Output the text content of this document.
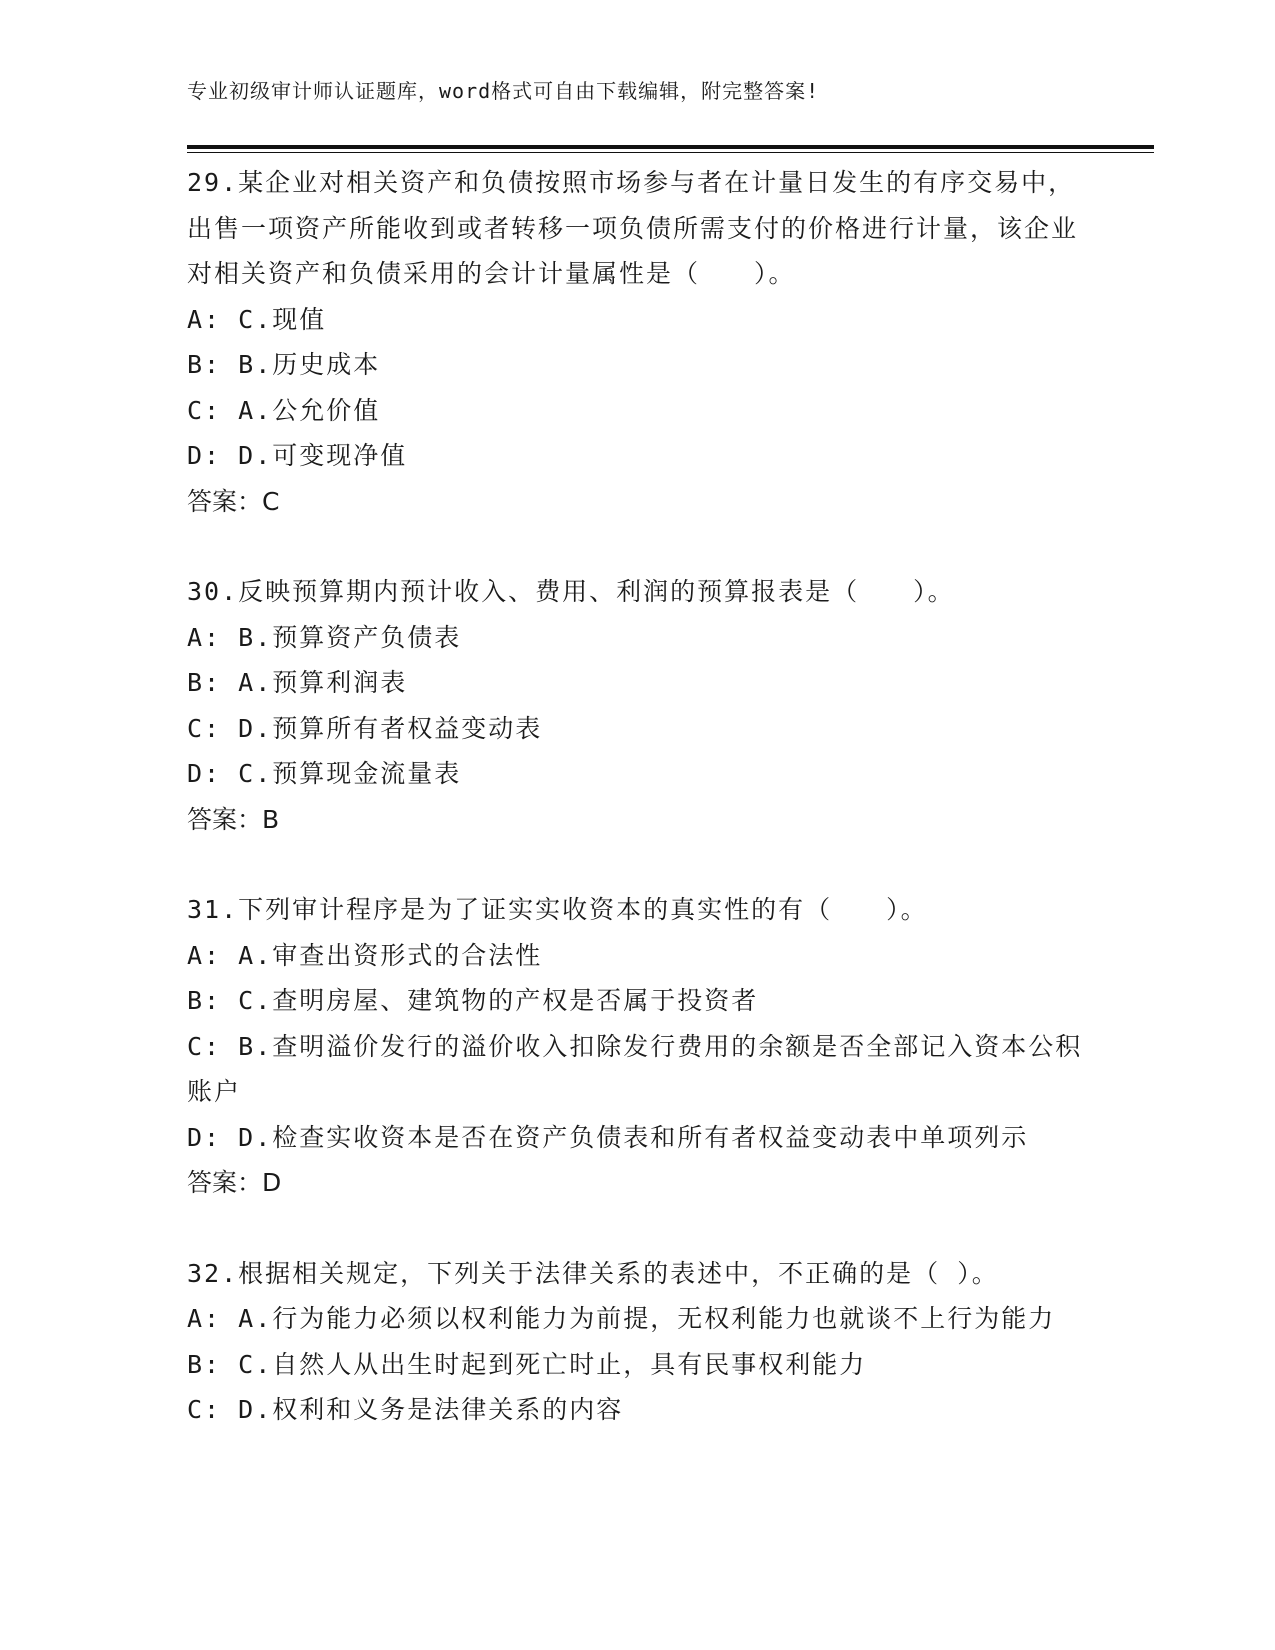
专业初级审计师认证题库，word格式可自由下载编辑，附完整答案!

29.某企业对相关资产和负债按照市场参与者在计量日发生的有序交易中，出售一项资产所能收到或者转移一项负债所需支付的价格进行计量，该企业对相关资产和负债采用的会计计量属性是（　　）。

A: C.现值

B: B.历史成本

C: A.公允价值

D: D.可变现净值

答案：C

30.反映预算期内预计收入、费用、利润的预算报表是（　　）。

A: B.预算资产负债表

B: A.预算利润表

C: D.预算所有者权益变动表

D: C.预算现金流量表

答案：B

31.下列审计程序是为了证实实收资本的真实性的有（　　）。

A: A.审查出资形式的合法性

B: C.查明房屋、建筑物的产权是否属于投资者

C: B.查明溢价发行的溢价收入扣除发行费用的余额是否全部记入资本公积账户

D: D.检查实收资本是否在资产负债表和所有者权益变动表中单项列示

答案：D

32.根据相关规定，下列关于法律关系的表述中，不正确的是（ ）。

A: A.行为能力必须以权利能力为前提，无权利能力也就谈不上行为能力

B: C.自然人从出生时起到死亡时止，具有民事权利能力

C: D.权利和义务是法律关系的内容
